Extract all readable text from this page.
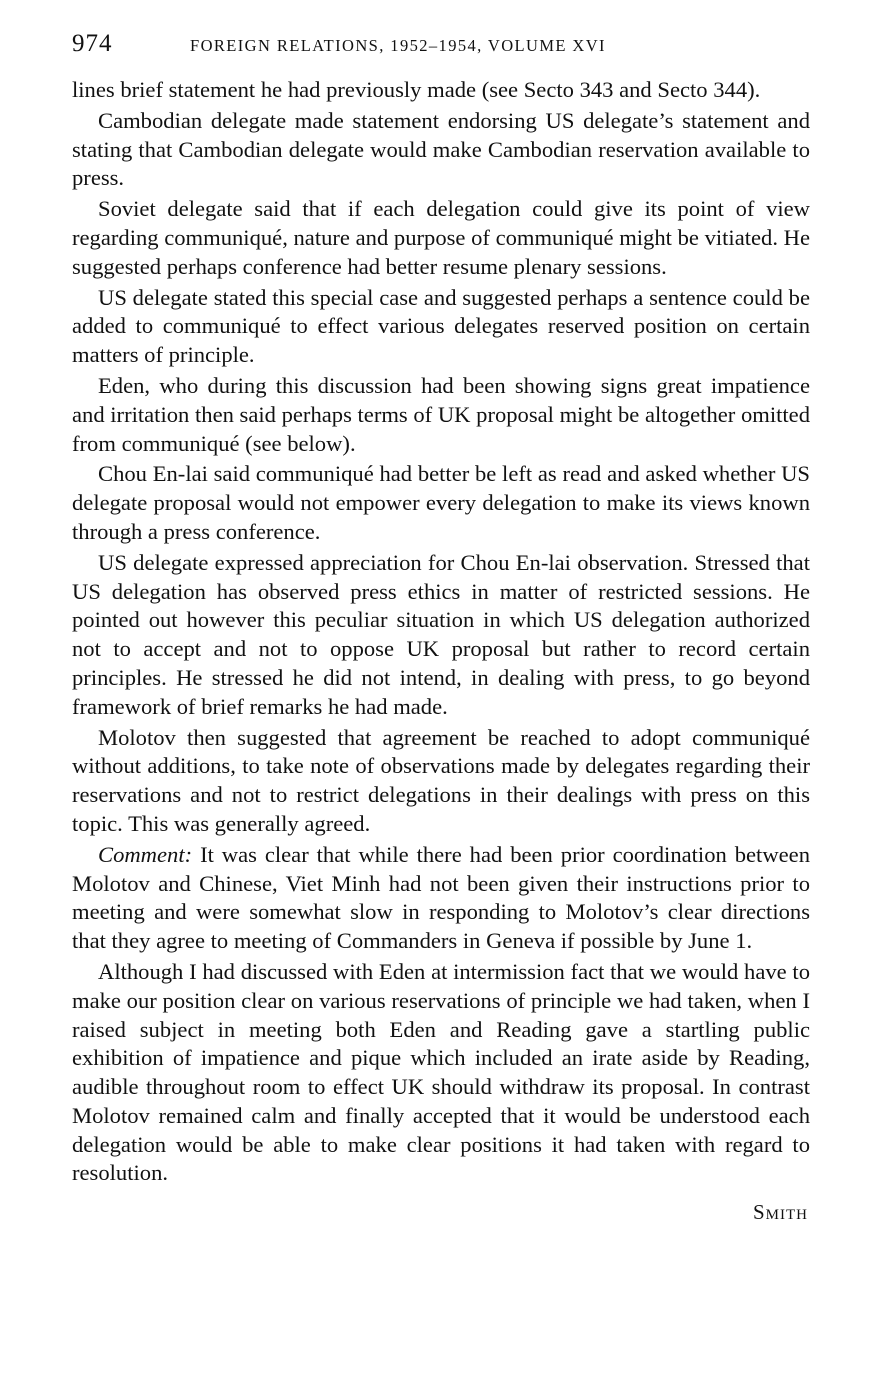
974	FOREIGN RELATIONS, 1952–1954, VOLUME XVI

lines brief statement he had previously made (see Secto 343 and Secto 344).

Cambodian delegate made statement endorsing US delegate’s statement and stating that Cambodian delegate would make Cambodian reservation available to press.

Soviet delegate said that if each delegation could give its point of view regarding communiqué, nature and purpose of communiqué might be vitiated. He suggested perhaps conference had better resume plenary sessions.

US delegate stated this special case and suggested perhaps a sentence could be added to communiqué to effect various delegates reserved position on certain matters of principle.

Eden, who during this discussion had been showing signs great impatience and irritation then said perhaps terms of UK proposal might be altogether omitted from communiqué (see below).

Chou En-lai said communiqué had better be left as read and asked whether US delegate proposal would not empower every delegation to make its views known through a press conference.

US delegate expressed appreciation for Chou En-lai observation. Stressed that US delegation has observed press ethics in matter of restricted sessions. He pointed out however this peculiar situation in which US delegation authorized not to accept and not to oppose UK proposal but rather to record certain principles. He stressed he did not intend, in dealing with press, to go beyond framework of brief remarks he had made.

Molotov then suggested that agreement be reached to adopt communiqué without additions, to take note of observations made by delegates regarding their reservations and not to restrict delegations in their dealings with press on this topic. This was generally agreed.

Comment: It was clear that while there had been prior coordination between Molotov and Chinese, Viet Minh had not been given their instructions prior to meeting and were somewhat slow in responding to Molotov’s clear directions that they agree to meeting of Commanders in Geneva if possible by June 1.

Although I had discussed with Eden at intermission fact that we would have to make our position clear on various reservations of principle we had taken, when I raised subject in meeting both Eden and Reading gave a startling public exhibition of impatience and pique which included an irate aside by Reading, audible throughout room to effect UK should withdraw its proposal. In contrast Molotov remained calm and finally accepted that it would be understood each delegation would be able to make clear positions it had taken with regard to resolution.

Smith
